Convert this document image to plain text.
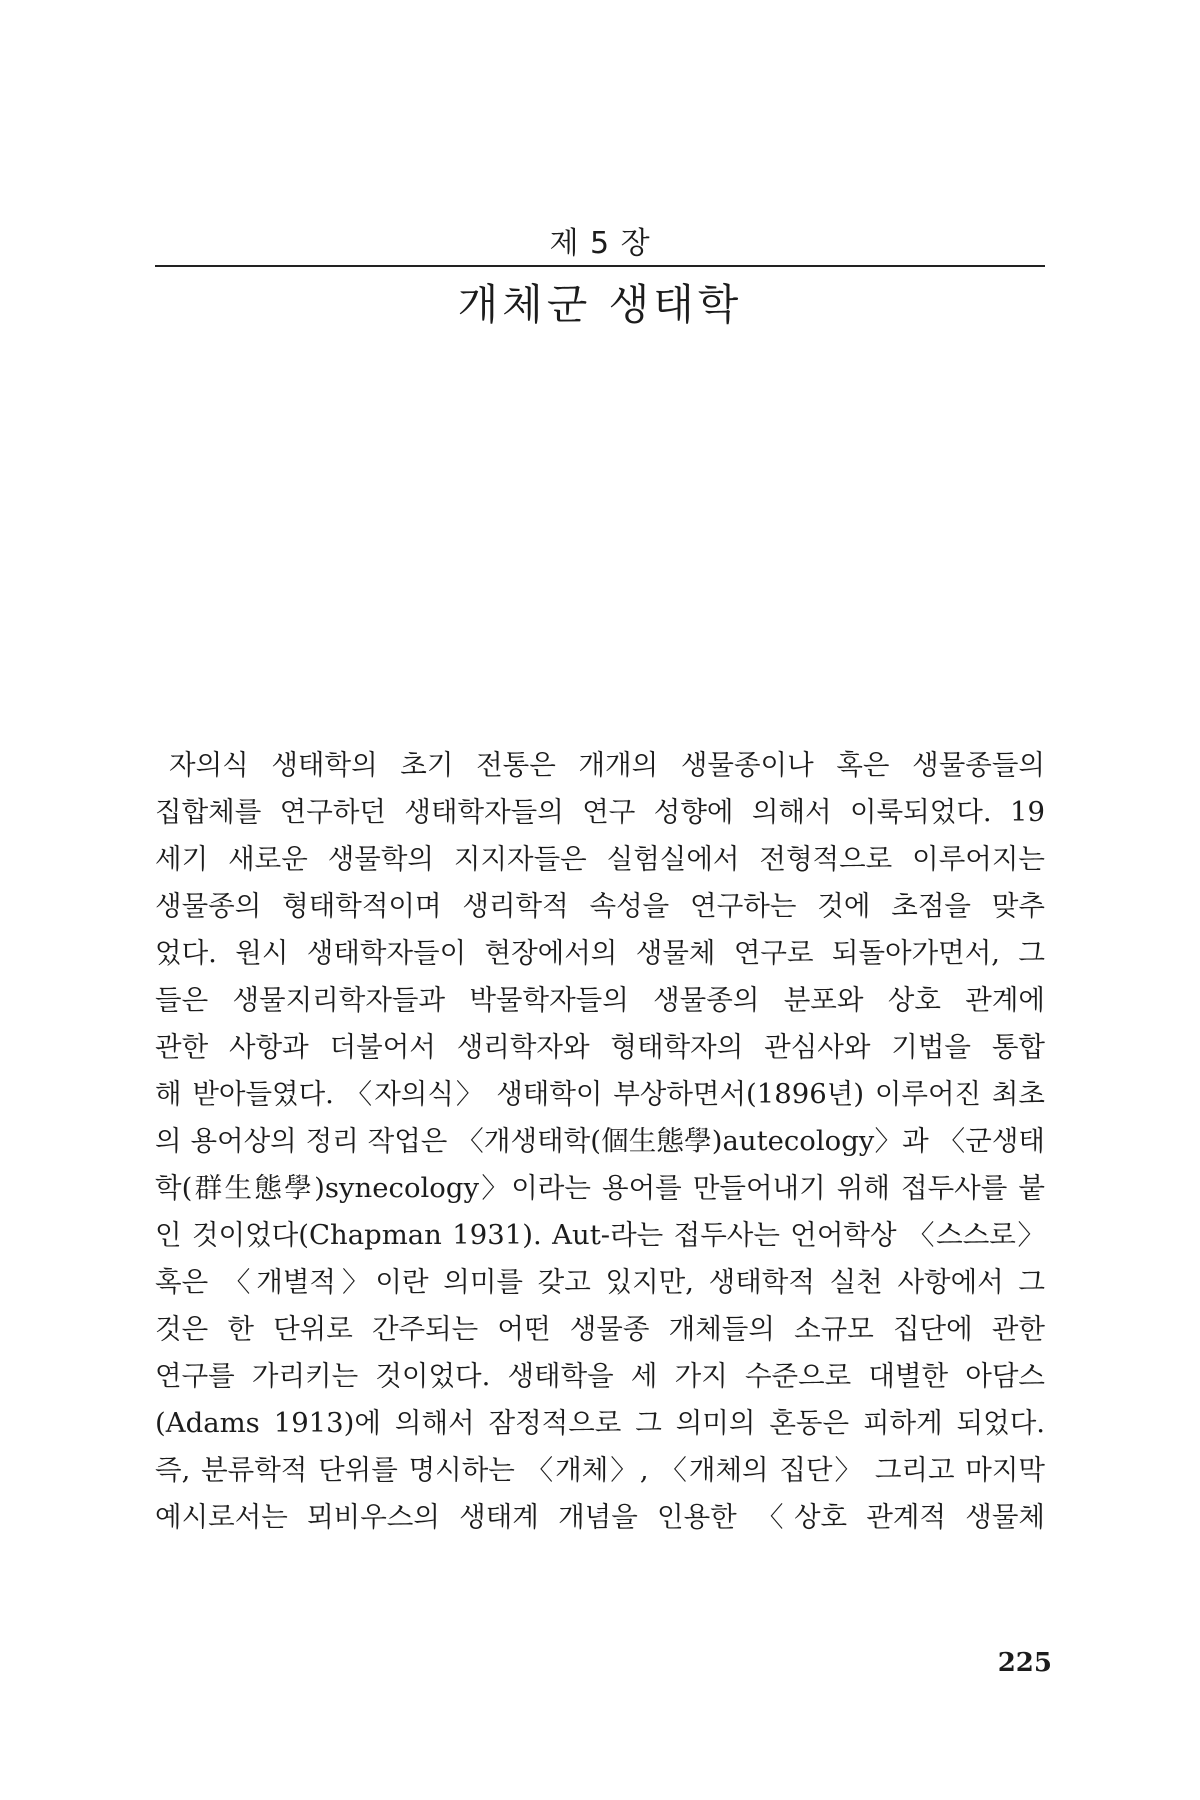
제 5 장
개체군 생태학
자의식 생태학의 초기 전통은 개개의 생물종이나 혹은 생물종들의
집합체를 연구하던 생태학자들의 연구 성향에 의해서 이룩되었다. 19
세기 새로운 생물학의 지지자들은 실험실에서 전형적으로 이루어지는
생물종의 형태학적이며 생리학적 속성을 연구하는 것에 초점을 맞추
었다. 원시 생태학자들이 현장에서의 생물체 연구로 되돌아가면서, 그
들은 생물지리학자들과 박물학자들의 생물종의 분포와 상호 관계에
관한 사항과 더불어서 생리학자와 형태학자의 관심사와 기법을 통합
해 받아들였다. 〈자의식〉 생태학이 부상하면서(1896년) 이루어진 최초
의 용어상의 정리 작업은 〈개생태학(個生態學)autecology〉과 〈군생태
학(群生態學)synecology〉이라는 용어를 만들어내기 위해 접두사를 붙
인 것이었다(Chapman 1931). Aut-라는 접두사는 언어학상 〈스스로〉
혹은 〈개별적〉이란 의미를 갖고 있지만, 생태학적 실천 사항에서 그
것은 한 단위로 간주되는 어떤 생물종 개체들의 소규모 집단에 관한
연구를 가리키는 것이었다. 생태학을 세 가지 수준으로 대별한 아담스
(Adams 1913)에 의해서 잠정적으로 그 의미의 혼동은 피하게 되었다.
즉, 분류학적 단위를 명시하는 〈개체〉, 〈개체의 집단〉 그리고 마지막
예시로서는 뫼비우스의 생태계 개념을 인용한 〈상호 관계적 생물체
225
